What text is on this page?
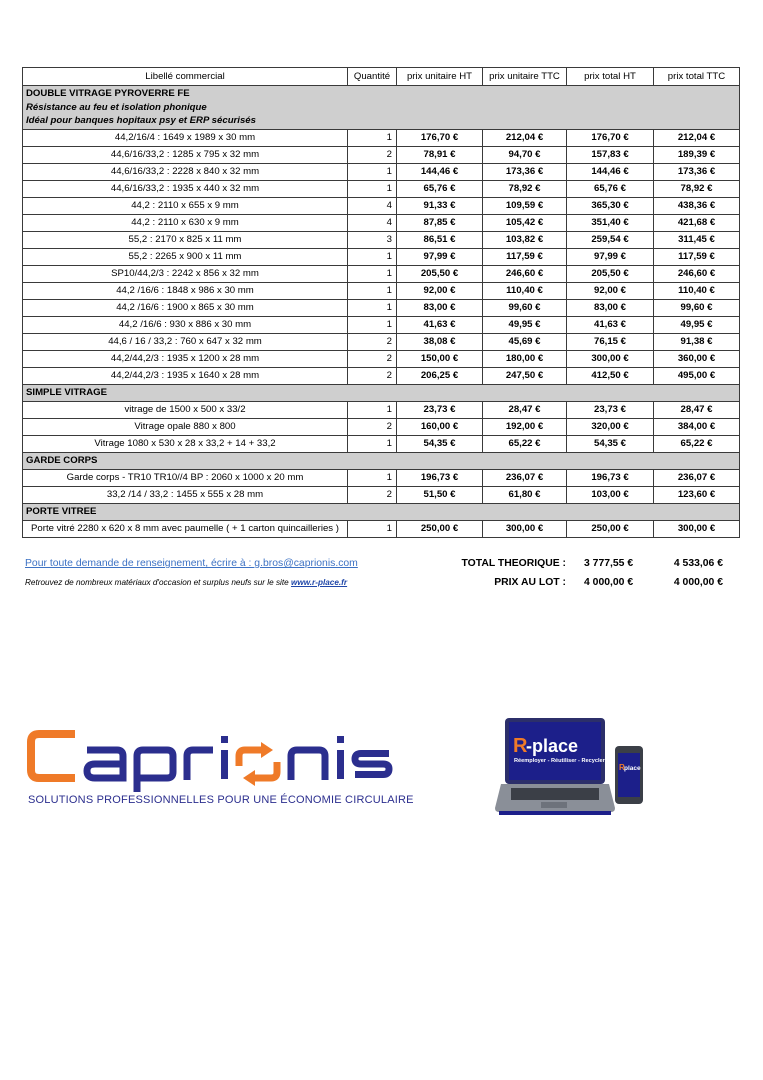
Libellé commercial	Quantité	prix unitaire HT	prix unitaire TTC	prix total HT	prix total TTC

DOUBLE VITRAGE PYROVERRE FE
Résistance au feu et isolation phonique
Idéal pour banques hopitaux psy et ERP sécurisés					

44,2/16/4 : 1649 x 1989 x 30 mm	1	176,70 €	212,04 €	176,70 €	212,04 €
44,6/16/33,2 : 1285 x 795 x 32 mm	2	78,91 €	94,70 €	157,83 €	189,39 €
44,6/16/33,2 : 2228 x 840 x 32 mm	1	144,46 €	173,36 €	144,46 €	173,36 €
44,6/16/33,2 : 1935 x 440 x 32 mm	1	65,76 €	78,92 €	65,76 €	78,92 €
44,2 : 2110 x 655 x 9 mm	4	91,33 €	109,59 €	365,30 €	438,36 €
44,2 : 2110 x 630 x 9 mm	4	87,85 €	105,42 €	351,40 €	421,68 €
55,2 : 2170 x 825 x 11 mm	3	86,51 €	103,82 €	259,54 €	311,45 €
55,2 : 2265 x 900 x 11 mm	1	97,99 €	117,59 €	97,99 €	117,59 €
SP10/44,2/3 : 2242 x 856 x 32 mm	1	205,50 €	246,60 €	205,50 €	246,60 €
44,2 /16/6 : 1848 x 986 x 30 mm	1	92,00 €	110,40 €	92,00 €	110,40 €
44,2 /16/6 : 1900 x 865 x 30 mm	1	83,00 €	99,60 €	83,00 €	99,60 €
44,2 /16/6 : 930 x 886 x 30 mm	1	41,63 €	49,95 €	41,63 €	49,95 €
44,6 / 16 / 33,2 : 760 x 647 x 32 mm	2	38,08 €	45,69 €	76,15 €	91,38 €
44,2/44,2/3 : 1935 x 1200 x 28 mm	2	150,00 €	180,00 €	300,00 €	360,00 €
44,2/44,2/3 : 1935 x 1640 x 28 mm	2	206,25 €	247,50 €	412,50 €	495,00 €

SIMPLE VITRAGE					

vitrage de 1500 x 500 x 33/2	1	23,73 €	28,47 €	23,73 €	28,47 €
Vitrage opale 880 x 800	2	160,00 €	192,00 €	320,00 €	384,00 €
Vitrage 1080 x 530 x 28 x 33,2 + 14 + 33,2	1	54,35 €	65,22 €	54,35 €	65,22 €

GARDE CORPS					

Garde corps - TR10 TR10//4 BP : 2060 x 1000 x 20 mm	1	196,73 €	236,07 €	196,73 €	236,07 €
33,2 /14 / 33,2 : 1455 x 555 x 28 mm	2	51,50 €	61,80 €	103,00 €	123,60 €

PORTE VITREE					

Porte vitré 2280 x 620 x 8 mm avec paumelle ( + 1 carton quincailleries )	1	250,00 €	300,00 €	250,00 €	300,00 €
Pour toute demande de renseignement, écrire à : g.bros@caprionis.com
Retrouvez de nombreux matériaux d'occasion et surplus neufs sur le site www.r-place.fr
TOTAL THEORIQUE : 3 777,55 €	4 533,06 €
PRIX AU LOT : 4 000,00 €	4 000,00 €
SOLUTIONS PROFESSIONNELLES POUR UNE ÉCONOMIE CIRCULAIRE
R
-place
Réemployer - Réutiliser - Recycler
R place
